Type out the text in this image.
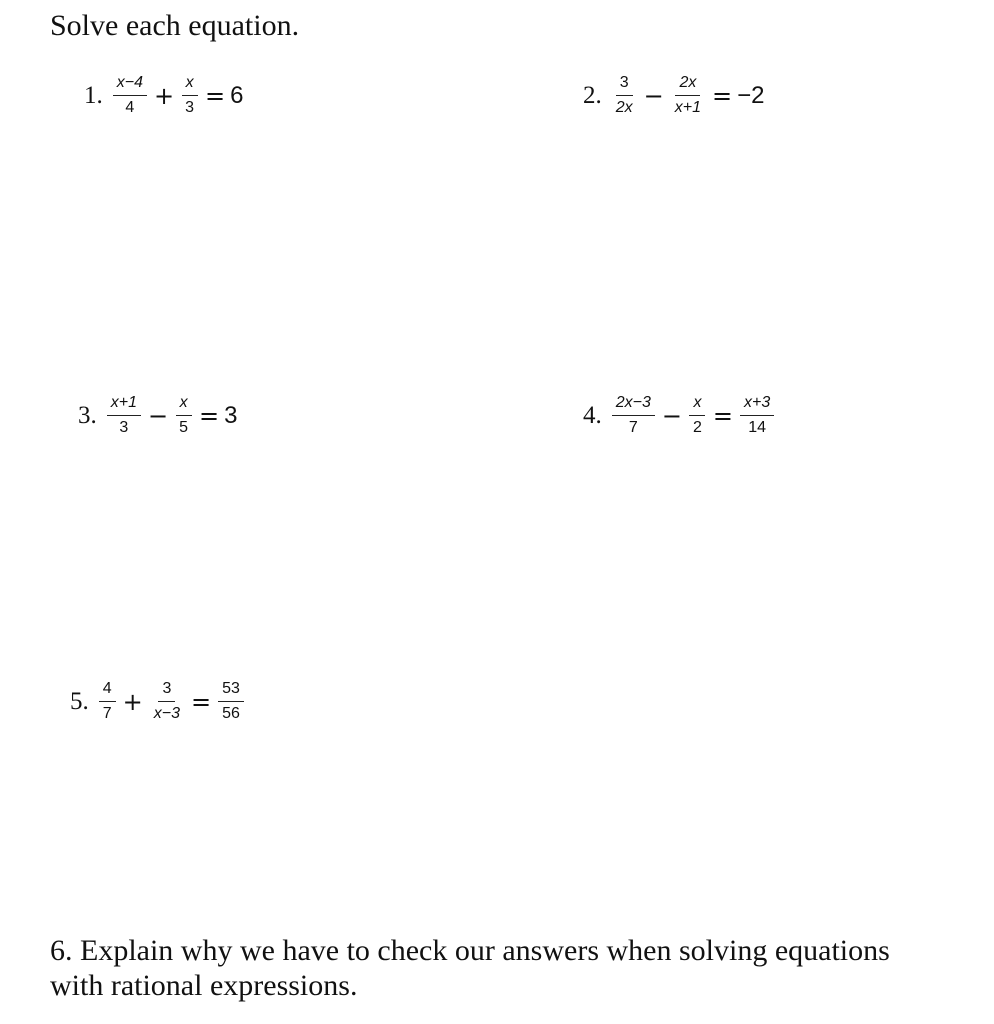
Solve each equation.
1. $\frac{x-4}{4} + \frac{x}{3} = 6$	2. $\frac{3}{2x} - \frac{2x}{x+1} = -2$
3. $\frac{x+1}{3} - \frac{x}{5} = 3$	4. $\frac{2x-3}{7} - \frac{x}{2} = \frac{x+3}{14}$
5. $\frac{4}{7} + \frac{3}{x-3} = \frac{53}{56}$
6. Explain why we have to check our answers when solving equations with rational expressions.
